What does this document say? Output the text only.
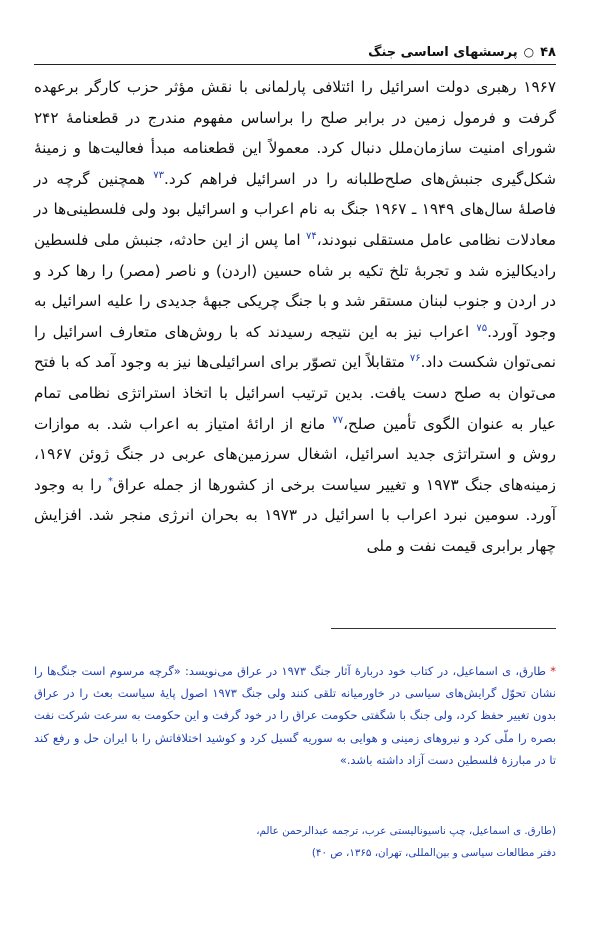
۴۸
○
پرسشهای اساسی جنگ

۱۹۶۷ رهبری دولت اسرائیل را ائتلافی پارلمانی با نقش مؤثر حزب کارگر برعهده گرفت و فرمول زمین در برابر صلح را براساس مفهوم مندرج در قطعنامهٔ ۲۴۲ شورای امنیت سازمان‌ملل دنبال کرد. معمولاً این قطعنامه مبدأ فعالیت‌ها و زمینهٔ شکل‌گیری جنبش‌های صلح‌طلبانه را در اسرائیل فراهم کرد.$^{۷۳}$ همچنین گرچه در فاصلهٔ سال‌های ۱۹۴۹ ـ ۱۹۶۷ جنگ به نام اعراب و اسرائیل بود ولی فلسطینی‌ها در معادلات نظامی عامل مستقلی نبودند،$^{۷۴}$ اما پس از این حادثه، جنبش ملی فلسطین رادیکالیزه شد و تجربهٔ تلخ تکیه بر شاه حسین (اردن) و ناصر (مصر) را رها کرد و در اردن و جنوب لبنان مستقر شد و با جنگ چریکی جبههٔ جدیدی را علیه اسرائیل به وجود آورد.$^{۷۵}$ اعراب نیز به این نتیجه رسیدند که با روش‌های متعارف اسرائیل را نمی‌توان شکست داد.$^{۷۶}$ متقابلاً این تصوّر برای اسرائیلی‌ها نیز به وجود آمد که با فتح می‌توان به صلح دست یافت. بدین ترتیب اسرائیل با اتخاذ استراتژی نظامی تمام عیار به عنوان الگوی تأمین صلح،$^{۷۷}$ مانع از ارائهٔ امتیاز به اعراب شد. به موازات روش و استراتژی جدید اسرائیل، اشغال سرزمین‌های عربی در جنگ ژوئن ۱۹۶۷، زمینه‌های جنگ ۱۹۷۳ و تغییر سیاست برخی از کشورها از جمله عراق* را به وجود آورد. سومین نبرد اعراب با اسرائیل در ۱۹۷۳ به بحران انرژی منجر شد. افزایش چهار برابری قیمت نفت و ملی

* طارق، ی اسماعیل، در کتاب خود دربارهٔ آثار جنگ ۱۹۷۳ در عراق می‌نویسد: «گرچه مرسوم است جنگ‌ها را نشان تحوّل گرایش‌های سیاسی در خاورمیانه تلقی کنند ولی جنگ ۱۹۷۳ اصول پایهٔ سیاست بعث را در عراق بدون تغییر حفظ کرد، ولی جنگ با شگفتی حکومت عراق را در خود گرفت و این حکومت به سرعت شرکت نفت بصره را ملّی کرد و نیروهای زمینی و هوایی به سوریه گسیل کرد و کوشید اختلافاتش را با ایران حل و رفع کند تا در مبارزهٔ فلسطین دست آزاد داشته باشد.»

(طارق. ی اسماعیل، چپ ناسیونالیستی عرب، ترجمه عبدالرحمن عالم،

دفتر مطالعات سیاسی و بین‌المللی، تهران، ۱۳۶۵، ص ۴۰)
